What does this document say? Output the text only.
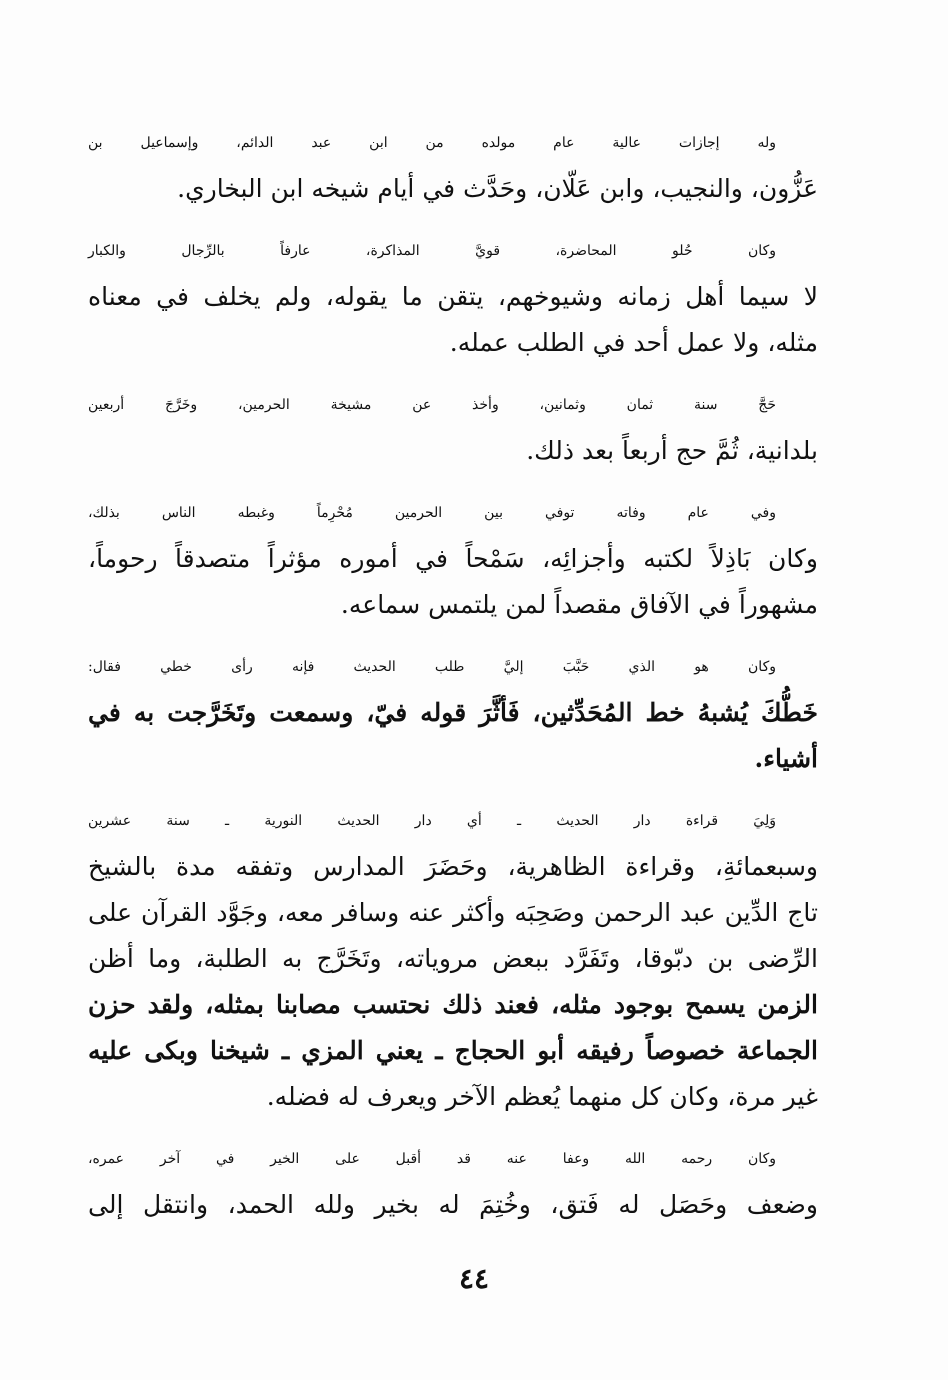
وله إجازات عالية عام مولده من ابن عبد الدائم، وإسماعيل بن
عَزُّون، والنجيب، وابن عَلّان، وحَدَّث في أيام شيخه ابن البخاري.

وكان حُلو المحاضرة، قويَّ المذاكرة، عارفاً بالرِّجال والكبار
لا سيما أهل زمانه وشيوخهم، يتقن ما يقوله، ولم يخلف في معناه
مثله، ولا عمل أحد في الطلب عمله.

حَجَّ سنة ثمان وثمانين، وأخذ عن مشيخة الحرمين، وخَرَّجَ أربعين
بلدانية، ثُمَّ حج أربعاً بعد ذلك.

وفي عام وفاته توفي بين الحرمين مُحْرِماً وغبطه الناس بذلك،
وكان بَاذِلاً لكتبه وأجزائِه، سَمْحاً في أموره مؤثراً متصدقاً رحوماً،
مشهوراً في الآفاق مقصداً لمن يلتمس سماعه.

وكان هو الذي حَبَّبَ إليَّ طلب الحديث فإنه رأى خطي فقال:
خَطُّكَ يُشبهُ خط المُحَدِّثين، فَأثَّرَ قوله فيّ، وسمعت وتَخَرَّجت به في
أشياء.

وَلِيَ قراءة دار الحديث ـ أي دار الحديث النورية ـ سنة عشرين
وسبعمائةِ، وقراءة الظاهرية، وحَضَرَ المدارس وتفقه مدة بالشيخ
تاج الدِّين عبد الرحمن وصَحِبَه وأكثر عنه وسافر معه، وجَوَّد القرآن على
الرِّضى بن دبّوقا، وتَفَرَّد ببعض مروياته، وتَخَرَّج به الطلبة، وما أظن
الزمن يسمح بوجود مثله، فعند ذلك نحتسب مصابنا بمثله، ولقد حزن
الجماعة خصوصاً رفيقه أبو الحجاج ـ يعني المزي ـ شيخنا وبكى عليه
غير مرة، وكان كل منهما يُعظم الآخر ويعرف له فضله.

وكان رحمه الله وعفا عنه قد أقبل على الخير في آخر عمره،
وضعف وحَصَل له فَتق، وخُتِمَ له بخير ولله الحمد، وانتقل إلى

٤٤
